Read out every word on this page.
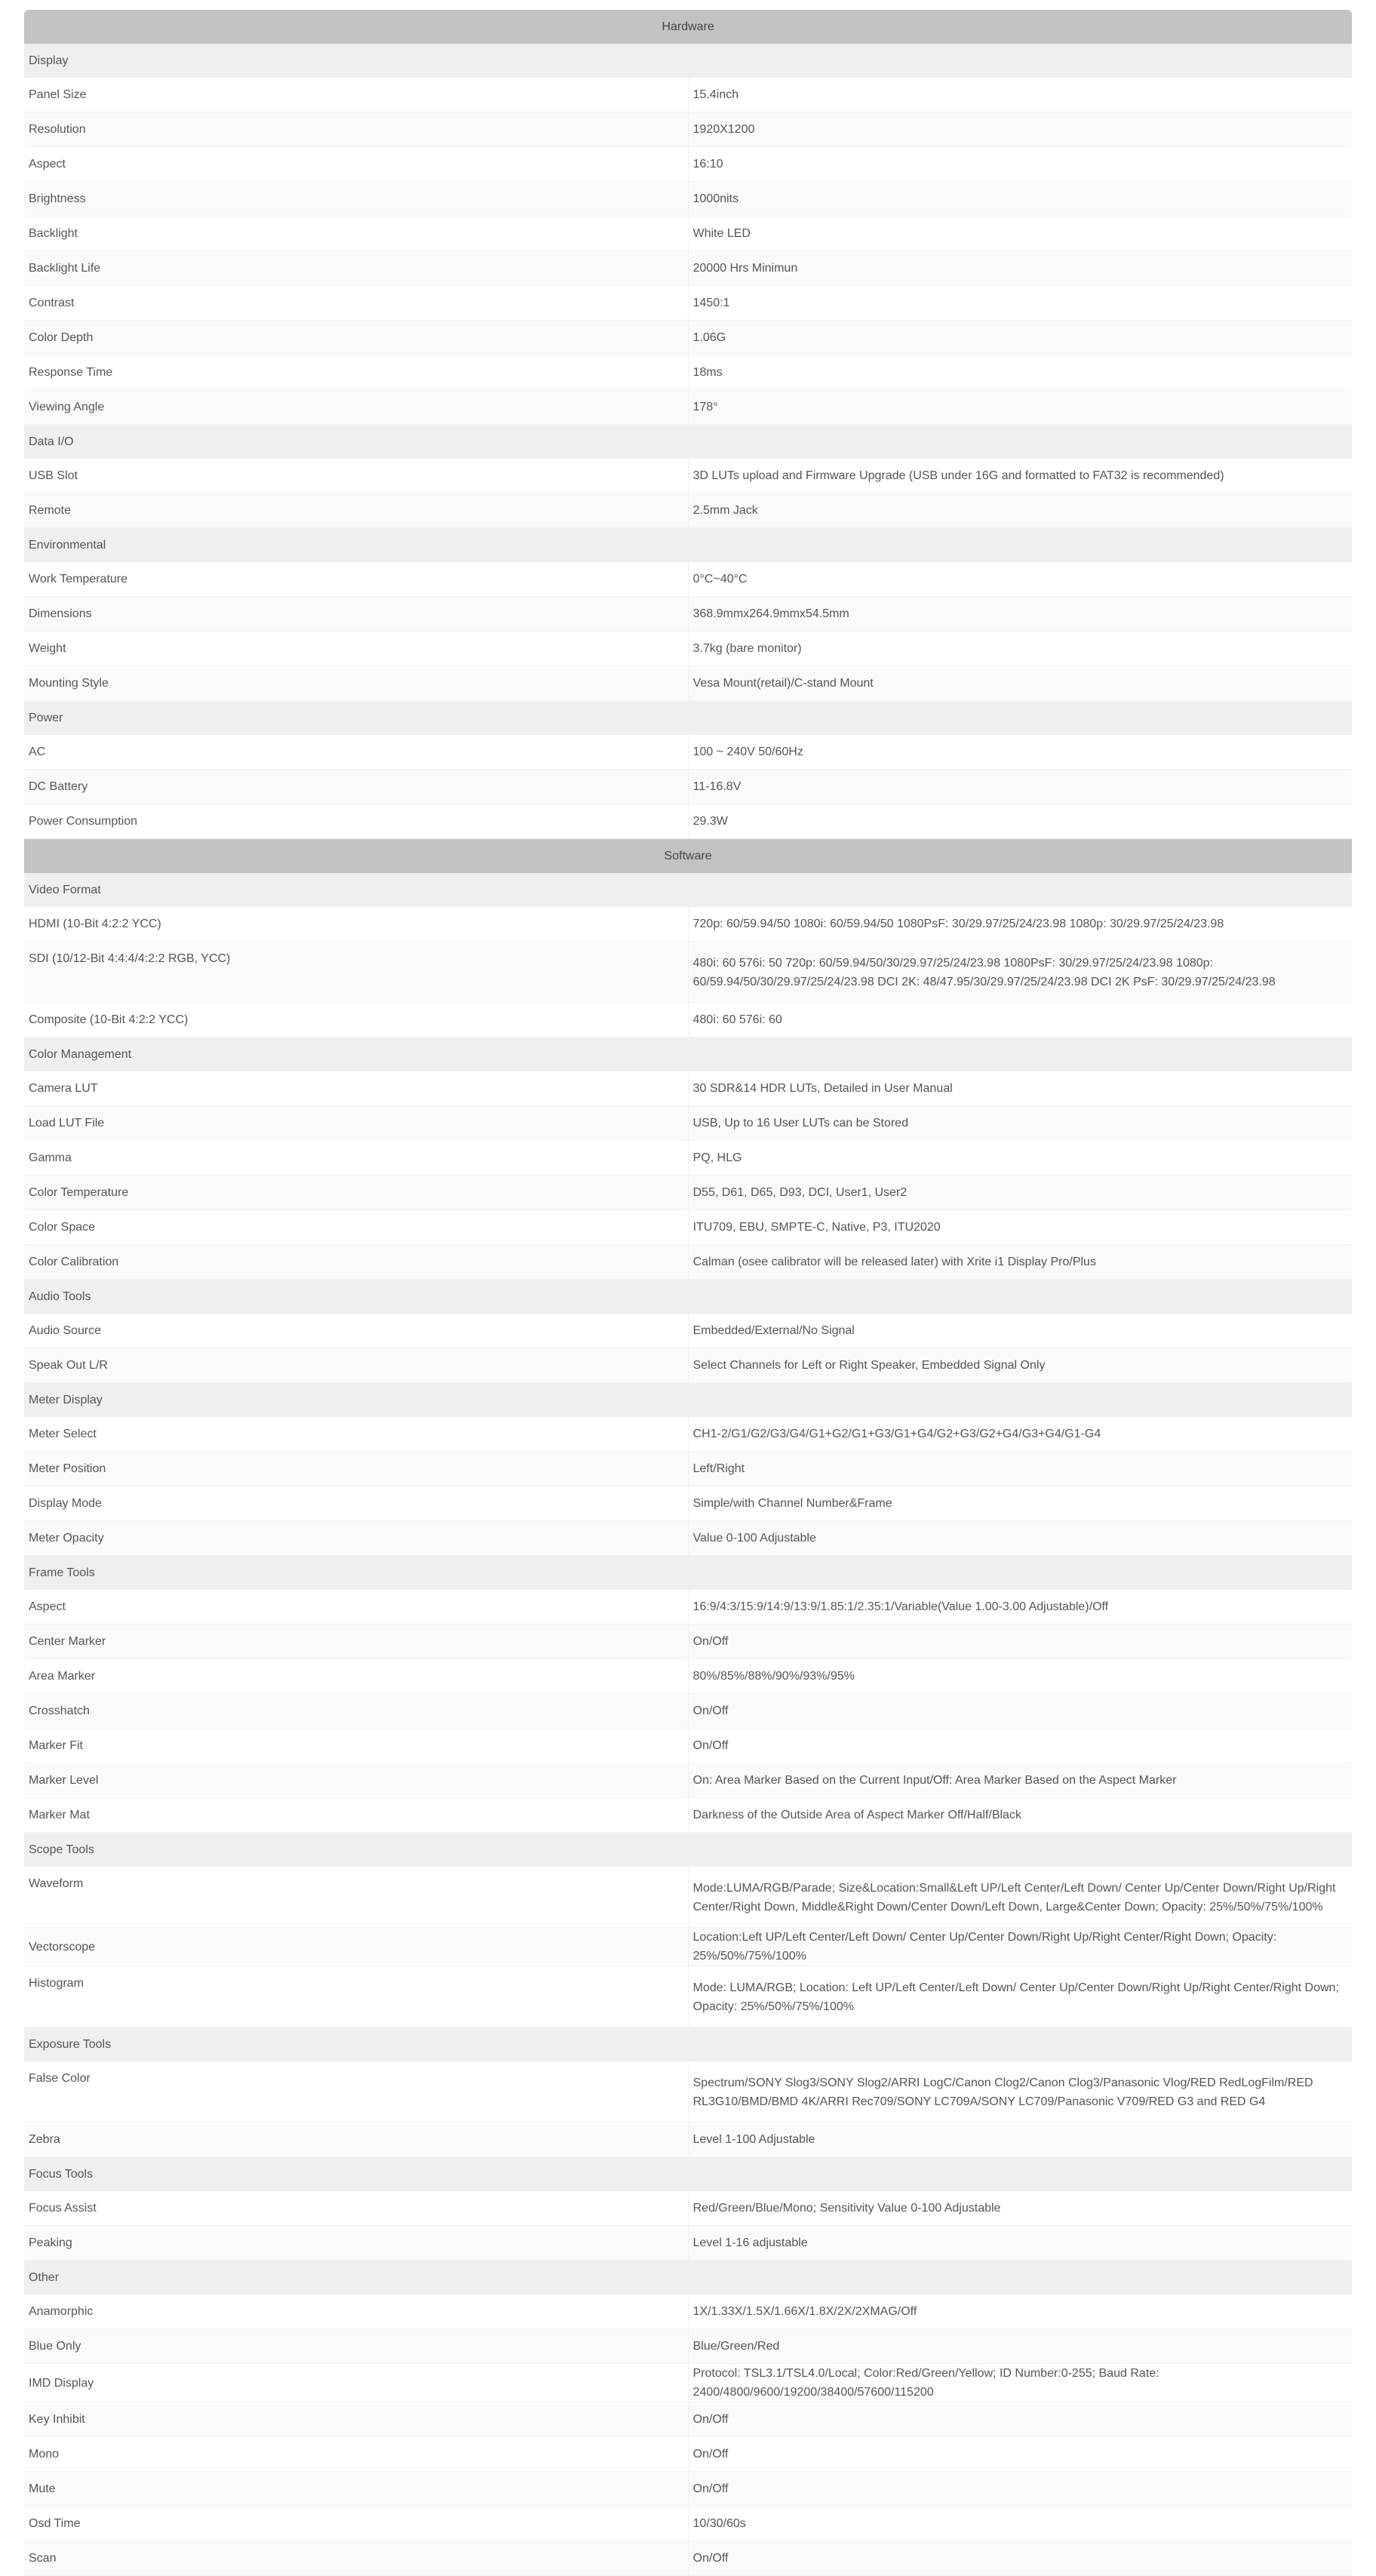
Hardware	
Display	
Panel Size	15.4inch
Resolution	1920X1200
Aspect	16:10
Brightness	1000nits
Backlight	White LED
Backlight Life	20000 Hrs Minimun
Contrast	1450:1
Color Depth	1.06G
Response Time	18ms
Viewing Angle	178°
Data I/O	
USB Slot	3D LUTs upload and Firmware Upgrade (USB under 16G and formatted to FAT32 is recommended)
Remote	2.5mm Jack
Environmental	
Work Temperature	0°C~40°C
Dimensions	368.9mmx264.9mmx54.5mm
Weight	3.7kg (bare monitor)
Mounting Style	Vesa Mount(retail)/C-stand Mount
Power	
AC	100 ~ 240V 50/60Hz
DC Battery	11-16.8V
Power Consumption	29.3W
Software	
Video Format	
HDMI (10-Bit 4:2:2 YCC)	720p: 60/59.94/50 1080i: 60/59.94/50 1080PsF: 30/29.97/25/24/23.98 1080p: 30/29.97/25/24/23.98
SDI (10/12-Bit 4:4:4/4:2:2 RGB, YCC)	480i: 60 576i: 50 720p: 60/59.94/50/30/29.97/25/24/23.98 1080PsF: 30/29.97/25/24/23.98 1080p: 60/59.94/50/30/29.97/25/24/23.98 DCI 2K: 48/47.95/30/29.97/25/24/23.98 DCI 2K PsF: 30/29.97/25/24/23.98
Composite (10-Bit 4:2:2 YCC)	480i: 60 576i: 60
Color Management	
Camera LUT	30 SDR&14 HDR LUTs, Detailed in User Manual
Load LUT File	USB, Up to 16 User LUTs can be Stored
Gamma	PQ, HLG
Color Temperature	D55, D61, D65, D93, DCI, User1, User2
Color Space	ITU709, EBU, SMPTE-C, Native, P3, ITU2020
Color Calibration	Calman (osee calibrator will be released later) with Xrite i1 Display Pro/Plus
Audio Tools	
Audio Source	Embedded/External/No Signal
Speak Out L/R	Select Channels for Left or Right Speaker, Embedded Signal Only
Meter Display	
Meter Select	CH1-2/G1/G2/G3/G4/G1+G2/G1+G3/G1+G4/G2+G3/G2+G4/G3+G4/G1-G4
Meter Position	Left/Right
Display Mode	Simple/with Channel Number&Frame
Meter Opacity	Value 0-100 Adjustable
Frame Tools	
Aspect	16:9/4:3/15:9/14:9/13:9/1.85:1/2.35:1/Variable(Value 1.00-3.00 Adjustable)/Off
Center Marker	On/Off
Area Marker	80%/85%/88%/90%/93%/95%
Crosshatch	On/Off
Marker Fit	On/Off
Marker Level	On: Area Marker Based on the Current Input/Off: Area Marker Based on the Aspect Marker
Marker Mat	Darkness of the Outside Area of Aspect Marker Off/Half/Black
Scope Tools	
Waveform	Mode:LUMA/RGB/Parade; Size&Location:Small&Left UP/Left Center/Left Down/ Center Up/Center Down/Right Up/Right Center/Right Down, Middle&Right Down/Center Down/Left Down, Large&Center Down; Opacity: 25%/50%/75%/100%
Vectorscope	Location:Left UP/Left Center/Left Down/ Center Up/Center Down/Right Up/Right Center/Right Down; Opacity: 25%/50%/75%/100%
Histogram	Mode: LUMA/RGB; Location: Left UP/Left Center/Left Down/ Center Up/Center Down/Right Up/Right Center/Right Down; Opacity: 25%/50%/75%/100%
Exposure Tools	
False Color	Spectrum/SONY Slog3/SONY Slog2/ARRI LogC/Canon Clog2/Canon Clog3/Panasonic Vlog/RED RedLogFilm/RED RL3G10/BMD/BMD 4K/ARRI Rec709/SONY LC709A/SONY LC709/Panasonic V709/RED G3 and RED G4
Zebra	Level 1-100 Adjustable
Focus Tools	
Focus Assist	Red/Green/Blue/Mono; Sensitivity Value 0-100 Adjustable
Peaking	Level 1-16 adjustable
Other	
Anamorphic	1X/1.33X/1.5X/1.66X/1.8X/2X/2XMAG/Off
Blue Only	Blue/Green/Red
IMD Display	Protocol: TSL3.1/TSL4.0/Local; Color:Red/Green/Yellow; ID Number:0-255; Baud Rate: 2400/4800/9600/19200/38400/57600/115200
Key Inhibit	On/Off
Mono	On/Off
Mute	On/Off
Osd Time	10/30/60s
Scan	On/Off
